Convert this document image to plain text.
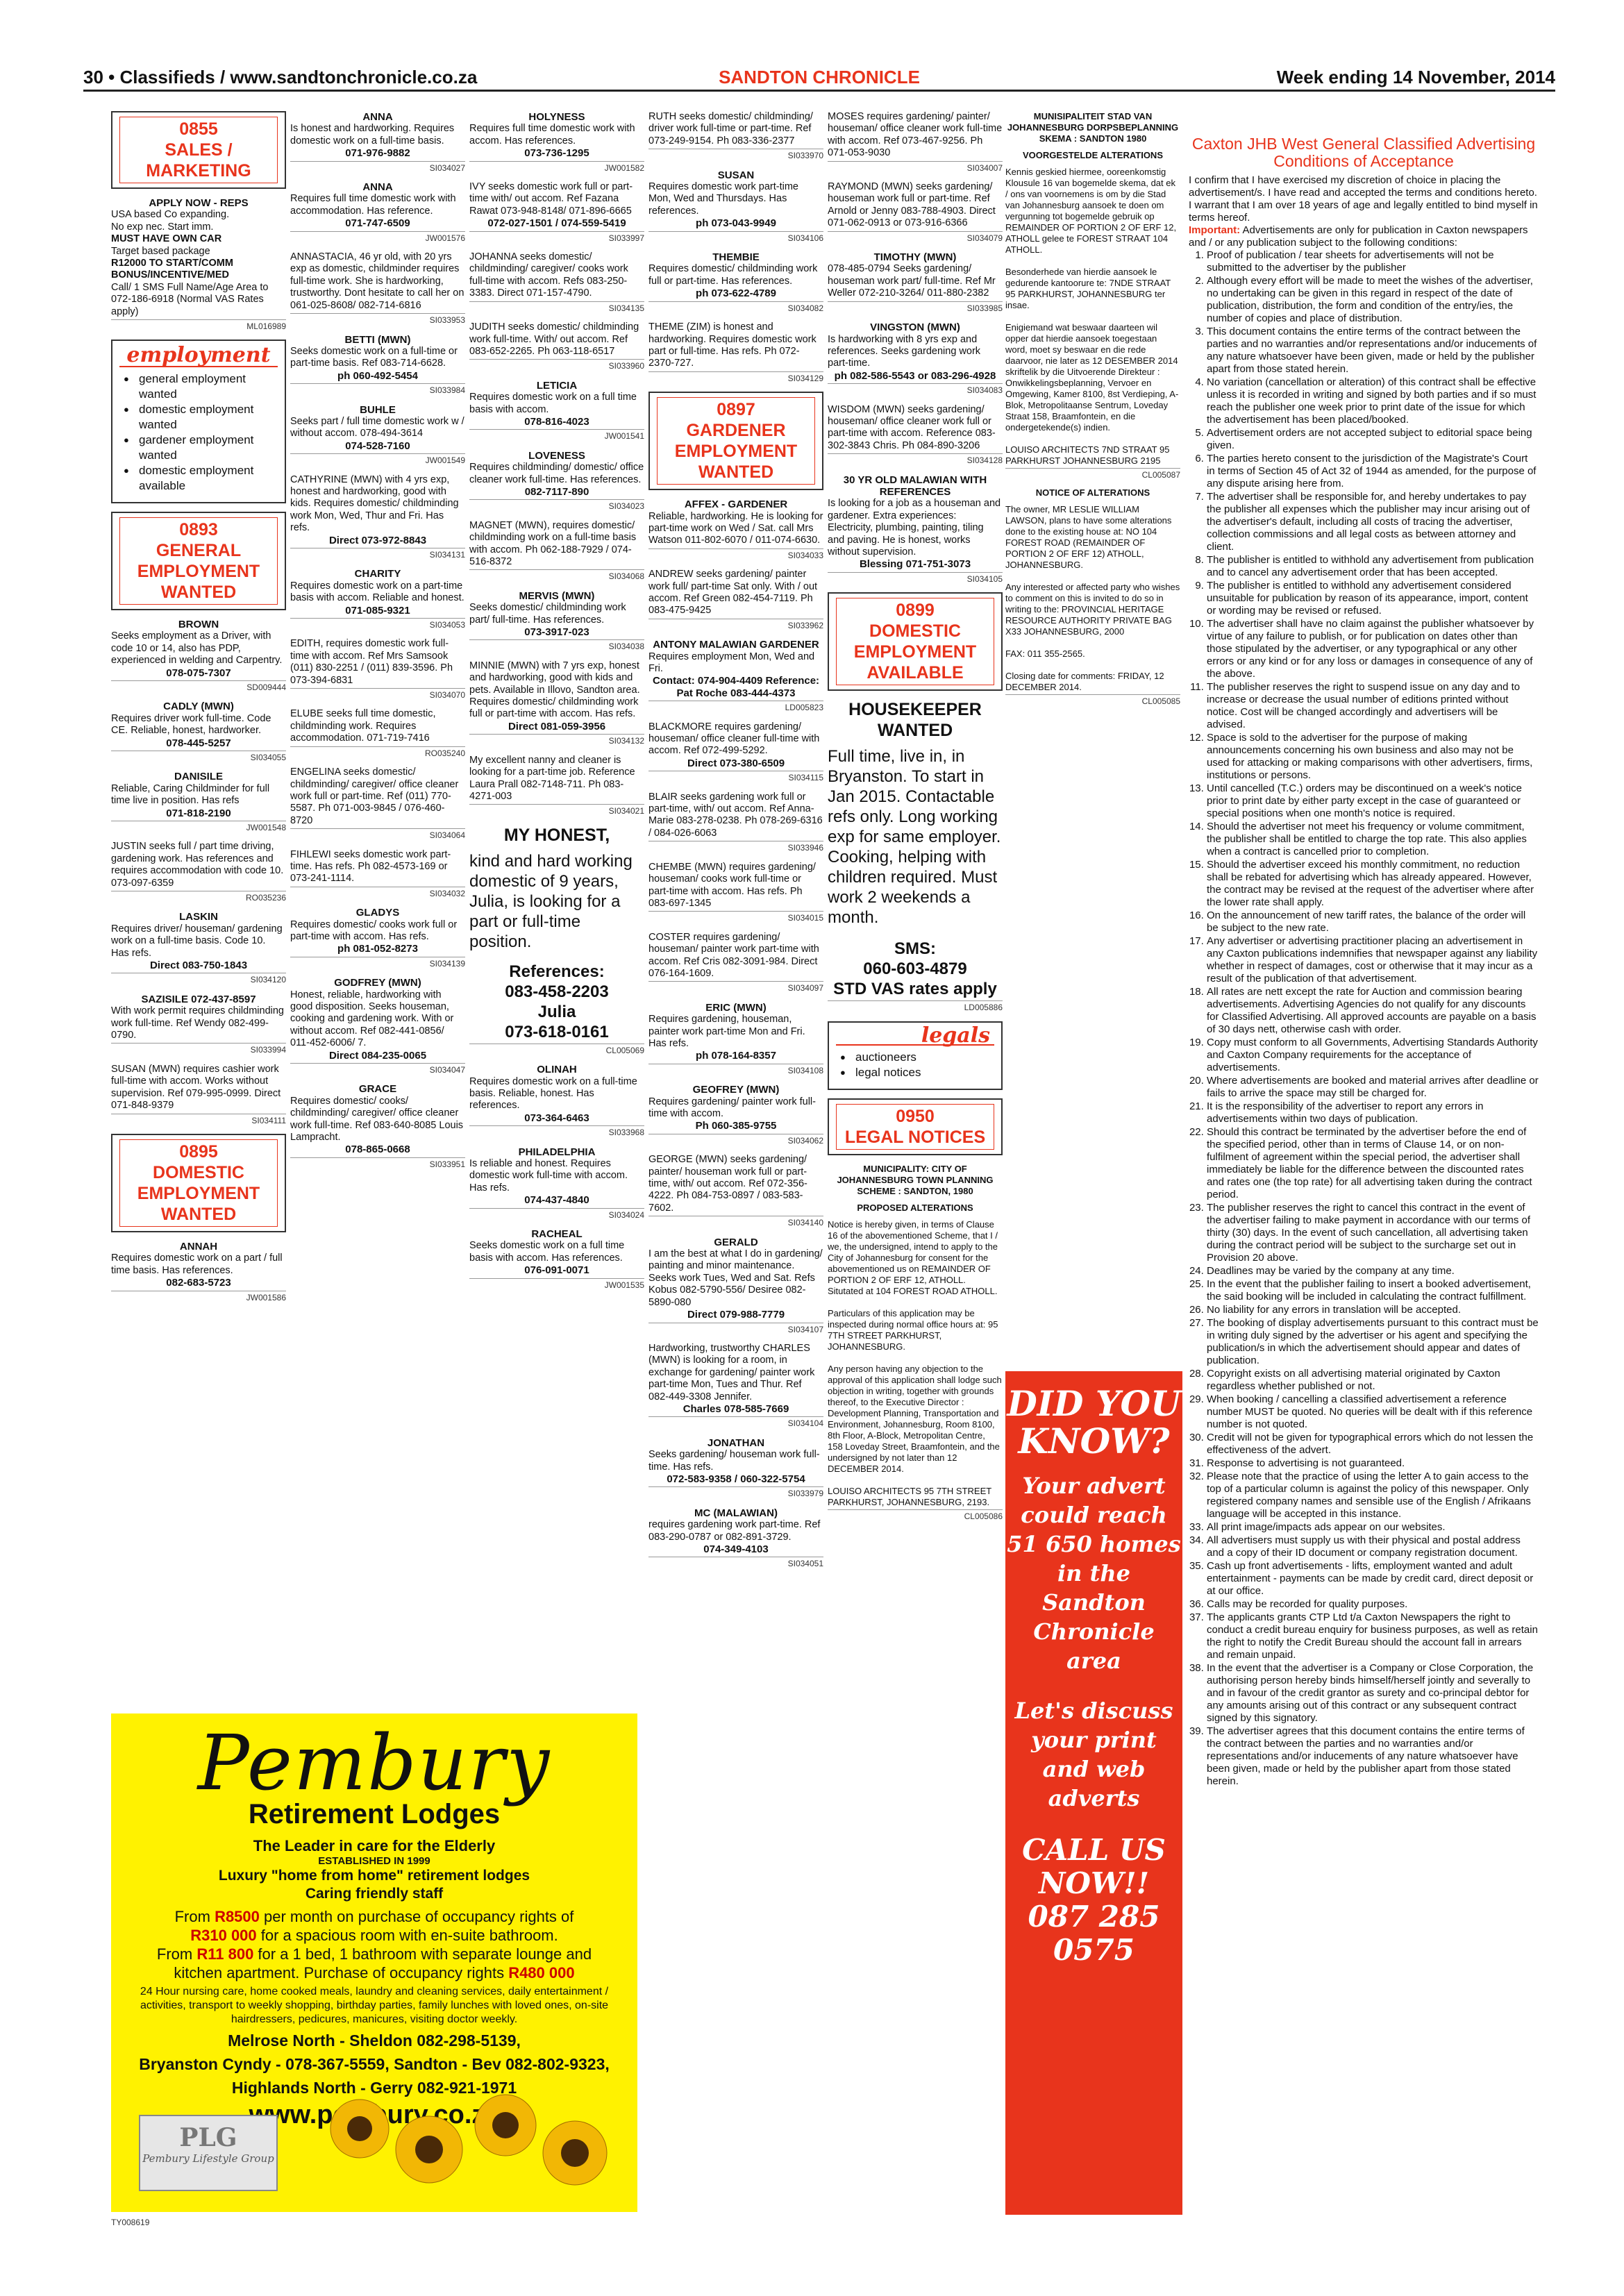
SANDTON CHRONICLE
30 • Classifieds / www.sandtonchronicle.co.za	Week ending 14 November, 2014
0855
SALES / MARKETING
APPLY NOW - REPS
USA based Co expanding.
No exp nec. Start imm.
MUST HAVE OWN CAR
Target based package
R12000 TO START/COMM BONUS/INCENTIVE/MED
Call/ 1 SMS Full Name/Age Area to 072-186-6918 (Normal VAS Rates apply)
ML016989
employment
● general employment wanted
● domestic employment wanted
● gardener employment wanted
● domestic employment available
0893
GENERAL EMPLOYMENT WANTED
BROWN
Seeks employment as a Driver, with code 10 or 14, also has PDP, experienced in welding and Carpentry.
078-075-7307
SD009444
CADLY (MWN)
Requires driver work full-time. Code CE. Reliable, honest, hardworker.
078-445-5257
SI034055
DANISILE
Reliable, Caring Childminder for full time live in position. Has refs
071-818-2190
JW001548
JUSTIN seeks full / part time driving, gardening work. Has references and requires accommodation with code 10. 073-097-6359
RO035236
LASKIN
Requires driver/ houseman/ gardening work on a full-time basis. Code 10. Has refs.
Direct 083-750-1843
SI034120
SAZISILE 072-437-8597
With work permit requires childminding work full-time. Ref Wendy 082-499-0790.
SI033994
SUSAN (MWN) requires cashier work full-time with accom. Works without supervision. Ref 079-995-0999. Direct 071-848-9379
SI034111
0895
DOMESTIC EMPLOYMENT WANTED
ANNAH
Requires domestic work on a part / full time basis. Has references.
082-683-5723
JW001586
ANNA
Is honest and hardworking. Requires domestic work on a full-time basis.
071-976-9882
SI034027
ANNA
Requires full time domestic work with accommodation. Has reference.
071-747-6509
JW001576
ANNASTACIA, 46 yr old, with 20 yrs exp as domestic, childminder requires full-time work. She is hardworking, trustworthy. Dont hesitate to call her on 061-025-8608/ 082-714-6816
SI033953
BETTI (MWN)
Seeks domestic work on a full-time or part-time basis. Ref 083-714-6628.
ph 060-492-5454
SI033984
BUHLE
Seeks part / full time domestic work w / without accom. 078-494-3614
074-528-7160
JW001549
CATHYRINE (MWN) with 4 yrs exp, honest and hardworking, good with kids. Requires domestic/ childminding work Mon, Wed, Thur and Fri. Has refs.
Direct 073-972-8843
SI034131
CHARITY
Requires domestic work on a part-time basis with accom. Reliable and honest.
071-085-9321
SI034053
EDITH, requires domestic work full-time with accom. Ref Mrs Samsook (011) 830-2251 / (011) 839-3596. Ph 073-394-6831
SI034070
ELUBE seeks full time domestic, childminding work. Requires accommodation. 071-719-7416
RO035240
ENGELINA seeks domestic/ childminding/ caregiver/ office cleaner work full or part-time. Ref (011) 770-5587. Ph 071-003-9845 / 076-460-8720
SI034064
FIHLEWI seeks domestic work part-time. Has refs. Ph 082-4573-169 or 073-241-1114.
SI034032
GLADYS
Requires domestic/ cooks work full or part-time with accom. Has refs.
ph 081-052-8273
SI034139
GODFREY (MWN)
Honest, reliable, hardworking with good disposition. Seeks houseman, cooking and gardening work. With or without accom. Ref 082-441-0856/ 011-452-6006/ 7.
Direct 084-235-0065
SI034047
GRACE
Requires domestic/ cooks/ childminding/ caregiver/ office cleaner work full-time. Ref 083-640-8085 Louis Lampracht.
078-865-0668
SI033951
HOLYNESS
Requires full time domestic work with accom. Has references.
073-736-1295
JW001582
IVY seeks domestic work full or part-time with/ out accom. Ref Fazana Rawat 073-948-8148/ 071-896-6665
072-027-1501 / 074-559-5419
SI033997
JOHANNA seeks domestic/ childminding/ caregiver/ cooks work full-time with accom. Refs 083-250-3383. Direct 071-157-4790.
SI034135
JUDITH seeks domestic/ childminding work full-time. With/ out accom. Ref 083-652-2265. Ph 063-118-6517
SI033960
LETICIA
Requires domestic work on a full time basis with accom.
078-816-4023
JW001541
LOVENESS
Requires childminding/ domestic/ office cleaner work full-time. Has references.
082-7117-890
SI034023
MAGNET (MWN), requires domestic/ childminding work on a full-time basis with accom. Ph 062-188-7929 / 074-516-8372
SI034068
MERVIS (MWN)
Seeks domestic/ childminding work part/ full-time. Has references.
073-3917-023
SI034038
MINNIE (MWN) with 7 yrs exp, honest and hardworking, good with kids and pets. Available in Illovo, Sandton area. Requires domestic/ childminding work full or part-time with accom. Has refs.
Direct 081-059-3956
SI034132
My excellent nanny and cleaner is looking for a part-time job. Reference Laura Prall 082-7148-711. Ph 083-4271-003
SI034021
MY HONEST,
kind and hard working domestic of 9 years, Julia, is looking for a part or full-time position.
References:
083-458-2203
Julia
073-618-0161
CL005069
OLINAH
Requires domestic work on a full-time basis. Reliable, honest. Has references.
073-364-6463
SI033968
PHILADELPHIA
Is reliable and honest. Requires domestic work full-time with accom. Has refs.
074-437-4840
SI034024
RACHEAL
Seeks domestic work on a full time basis with accom. Has references.
076-091-0071
JW001535
RUTH seeks domestic/ childminding/ driver work full-time or part-time. Ref 073-249-9154. Ph 083-336-2377
SI033970
SUSAN
Requires domestic work part-time Mon, Wed and Thursdays. Has references.
ph 073-043-9949
SI034106
THEMBIE
Requires domestic/ childminding work full or part-time. Has references.
ph 073-622-4789
SI034082
THEME (ZIM) is honest and hardworking. Requires domestic work part or full-time. Has refs. Ph 072-2370-727.
SI034129
0897
GARDENER EMPLOYMENT WANTED
AFFEX - GARDENER
Reliable, hardworking. He is looking for part-time work on Wed / Sat. call Mrs Watson 011-802-6070 / 011-074-6630.
SI034033
ANDREW seeks gardening/ painter work full/ part-time Sat only. With / out accom. Ref Green 082-454-7119. Ph 083-475-9425
SI033962
ANTONY MALAWIAN GARDENER
Requires employment Mon, Wed and Fri.
Contact: 074-904-4409 Reference: Pat Roche 083-444-4373
LD005823
BLACKMORE requires gardening/ houseman/ office cleaner full-time with accom. Ref 072-499-5292.
Direct 073-380-6509
SI034115
BLAIR seeks gardening work full or part-time, with/ out accom. Ref Anna-Marie 083-278-0238. Ph 078-269-6316 / 084-026-6063
SI033946
CHEMBE (MWN) requires gardening/ houseman/ cooks work full-time or part-time with accom. Has refs. Ph 083-697-1345
SI034015
COSTER requires gardening/ houseman/ painter work part-time with accom. Ref Cris 082-3091-984. Direct 076-164-1609.
SI034097
ERIC (MWN)
Requires gardening, houseman, painter work part-time Mon and Fri. Has refs.
ph 078-164-8357
SI034108
GEOFREY (MWN)
Requires gardening/ painter work full-time with accom.
Ph 060-385-9755
SI034062
GEORGE (MWN) seeks gardening/ painter/ houseman work full or part-time, with/ out accom. Ref 072-356-4222. Ph 084-753-0897 / 083-583-7602.
SI034140
GERALD
I am the best at what I do in gardening/ painting and minor maintenance. Seeks work Tues, Wed and Sat. Refs Kobus 082-5790-556/ Desiree 082-5890-080
Direct 079-988-7779
SI034107
Hardworking, trustworthy CHARLES (MWN) is looking for a room, in exchange for gardening/ painter work part-time Mon, Tues and Thur. Ref 082-449-3308 Jennifer.
Charles 078-585-7669
SI034104
JONATHAN
Seeks gardening/ houseman work full-time. Has refs.
072-583-9358 / 060-322-5754
SI033979
MC (MALAWIAN)
requires gardening work part-time. Ref 083-290-0787 or 082-891-3729.
074-349-4103
SI034051
MOSES requires gardening/ painter/ houseman/ office cleaner work full-time with accom. Ref 073-467-9256. Ph 071-053-9030
SI034007
RAYMOND (MWN) seeks gardening/ houseman work full or part-time. Ref Arnold or Jenny 083-788-4903. Direct 071-062-0913 or 073-916-6366
SI034079
TIMOTHY (MWN)
078-485-0794 Seeks gardening/ houseman work part/ full-time. Ref Mr Weller 072-210-3264/ 011-880-2382
SI033985
VINGSTON (MWN)
Is hardworking with 8 yrs exp and references. Seeks gardening work part-time.
ph 082-586-5543 or 083-296-4928
SI034083
WISDOM (MWN) seeks gardening/ houseman/ office cleaner work full or part-time with accom. Reference 083-302-3843 Chris. Ph 084-890-3206
SI034128
30 YR OLD MALAWIAN WITH REFERENCES
Is looking for a job as a houseman and gardener. Extra experiences: Electricity, plumbing, painting, tiling and paving. He is honest, works without supervision.
Blessing 071-751-3073
SI034105
0899
DOMESTIC EMPLOYMENT AVAILABLE
HOUSEKEEPER WANTED
Full time, live in, in Bryanston. To start in Jan 2015. Contactable refs only. Long working exp for same employer. Cooking, helping with children required. Must work 2 weekends a month.
SMS:
060-603-4879
STD VAS rates apply
LD005886
legals
● auctioneers
● legal notices
0950
LEGAL NOTICES
MUNICIPALITY: CITY OF JOHANNESBURG TOWN PLANNING SCHEME : SANDTON, 1980
PROPOSED ALTERATIONS
Notice is hereby given, in terms of Clause 16 of the abovementioned Scheme, that I / we, the undersigned, intend to apply to the City of Johannesburg for consent for the abovementioned us on REMAINDER OF PORTION 2 OF ERF 12, ATHOLL. Situtated at 104 FOREST ROAD ATHOLL.

Particulars of this application may be inspected during normal office hours at: 95 7TH STREET PARKHURST, JOHANNESBURG.

Any person having any objection to the approval of this application shall lodge such objection in writing, together with grounds thereof, to the Executive Director : Development Planning, Transportation and Environment, Johannesburg, Room 8100, 8th Floor, A-Block, Metropolitan Centre, 158 Loveday Street, Braamfontein, and the undersigned by not later than 12 DECEMBER 2014.

LOUISO ARCHITECTS 95 7TH STREET PARKHURST, JOHANNESBURG, 2193.
CL005086
MUNISIPALITEIT STAD VAN JOHANNESBURG DORPSBEPLANNING SKEMA : SANDTON 1980
VOORGESTELDE ALTERATIONS
Kennis geskied hiermee, ooreenkomstig Klousule 16 van bogemelde skema, dat ek / ons van voornemens is om by die Stad van Johannesburg aansoek te doen om vergunning tot bogemelde gebruik op REMAINDER OF PORTION 2 OF ERF 12, ATHOLL gelee te FOREST STRAAT 104 ATHOLL.

Besonderhede van hierdie aansoek le gedurende kantoorure te: 7NDE STRAAT 95 PARKHURST, JOHANNESBURG ter insae.

Enigiemand wat beswaar daarteen wil opper dat hierdie aansoek toegestaan word, moet sy beswaar en die rede daarvoor, nie later as 12 DESEMBER 2014 skriftelik by die Uitvoerende Direkteur : Onwikkelingsbeplanning, Vervoer en Omgewing, Kamer 8100, 8st Verdieping, A-Blok, Metropolitaanse Sentrum, Loveday Straat 158, Braamfontein, en die ondergetekende(s) indien.

LOUISO ARCHITECTS 7ND STRAAT 95 PARKHURST JOHANNESBURG 2195
CL005087
NOTICE OF ALTERATIONS
The owner, MR LESLIE WILLIAM LAWSON, plans to have some alterations done to the existing house at: NO 104 FOREST ROAD (REMAINDER OF PORTION 2 OF ERF 12) ATHOLL, JOHANNESBURG.

Any interested or affected party who wishes to comment on this is invited to do so in writing to the: PROVINCIAL HERITAGE RESOURCE AUTHORITY PRIVATE BAG X33 JOHANNESBURG, 2000

FAX: 011 355-2565.

Closing date for comments: FRIDAY, 12 DECEMBER 2014.
CL005085
DID YOU KNOW?
Your advert could reach 51 650 homes in the Sandton Chronicle area
Let's discuss your print and web adverts
CALL US NOW!! 087 285 0575
Caxton JHB West General Classified Advertising Conditions of Acceptance
I confirm that I have exercised my discretion of choice in placing the advertisement/s. I have read and accepted the terms and conditions hereto. I warrant that I am over 18 years of age and legally entitled to bind myself in terms hereof.
Important: Advertisements are only for publication in Caxton newspapers and / or any publication subject to the following conditions:
1. Proof of publication / tear sheets for advertisements will not be submitted to the advertiser by the publisher
2. Although every effort will be made to meet the wishes of the advertiser, no undertaking can be given in this regard in respect of the date of publication, distribution, the form and condition of the entry/ies, the number of copies and place of distribution.
3. This document contains the entire terms of the contract between the parties and no warranties and/or representations and/or inducements of any nature whatsoever have been given, made or held by the publisher apart from those stated herein.
4. No variation (cancellation or alteration) of this contract shall be effective unless it is recorded in writing and signed by both parties and if so must reach the publisher one week prior to print date of the issue for which the advertisement has been placed/booked.
5. Advertisement orders are not accepted subject to editorial space being given.
6. The parties hereto consent to the jurisdiction of the Magistrate's Court in terms of Section 45 of Act 32 of 1944 as amended, for the purpose of any dispute arising here from.
7. The advertiser shall be responsible for, and hereby undertakes to pay the publisher all expenses which the publisher may incur arising out of the advertiser's default, including all costs of tracing the advertiser, collection commissions and all legal costs as between attorney and client.
8. The publisher is entitled to withhold any advertisement from publication and to cancel any advertisement order that has been accepted.
9. The publisher is entitled to withhold any advertisement considered unsuitable for publication by reason of its appearance, import, content or wording may be revised or refused.
10. The advertiser shall have no claim against the publisher whatsoever by virtue of any failure to publish, or for publication on dates other than those stipulated by the advertiser, or any typographical or any other errors or any kind or for any loss or damages in consequence of any of the above.
11. The publisher reserves the right to suspend issue on any day and to increase or decrease the usual number of editions printed without notice. Cost will be changed accordingly and advertisers will be advised.
12. Space is sold to the advertiser for the purpose of making announcements concerning his own business and also may not be used for attacking or making comparisons with other advertisers, firms, institutions or persons.
13. Until cancelled (T.C.) orders may be discontinued on a week's notice prior to print date by either party except in the case of guaranteed or special positions when one month's notice is required.
14. Should the advertiser not meet his frequency or volume commitment, the publisher shall be entitled to charge the top rate. This also applies when a contract is cancelled prior to completion.
15. Should the advertiser exceed his monthly commitment, no reduction shall be rebated for advertising which has already appeared. However, the contract may be revised at the request of the advertiser where after the lower rate shall apply.
16. On the announcement of new tariff rates, the balance of the order will be subject to the new rate.
17. Any advertiser or advertising practitioner placing an advertisement in any Caxton publications indemnifies that newspaper against any liability whether in respect of damages, cost or otherwise that it may incur as a result of the publication of that advertisement.
18. All rates are nett except the rate for Auction and commission bearing advertisements. Advertising Agencies do not qualify for any discounts for Classified Advertising. All approved accounts are payable on a basis of 30 days nett, otherwise cash with order.
19. Copy must conform to all Governments, Advertising Standards Authority and Caxton Company requirements for the acceptance of advertisements.
20. Where advertisements are booked and material arrives after deadline or fails to arrive the space may still be charged for.
21. It is the responsibility of the advertiser to report any errors in advertisements within two days of publication.
22. Should this contract be terminated by the advertiser before the end of the specified period, other than in terms of Clause 14, or on non-fulfilment of agreement within the special period, the advertiser shall immediately be liable for the difference between the discounted rates and rates one (the top rate) for all advertising taken during the contract period.
23. The publisher reserves the right to cancel this contract in the event of the advertiser failing to make payment in accordance with our terms of thirty (30) days. In the event of such cancellation, all advertising taken during the contract period will be subject to the surcharge set out in Provision 20 above.
24. Deadlines may be varied by the company at any time.
25. In the event that the publisher failing to insert a booked advertisement, the said booking will be included in calculating the contract fulfillment.
26. No liability for any errors in translation will be accepted.
27. The booking of display advertisements pursuant to this contract must be in writing duly signed by the advertiser or his agent and specifying the publication/s in which the advertisement should appear and dates of publication.
28. Copyright exists on all advertising material originated by Caxton regardless whether published or not.
29. When booking / cancelling a classified advertisement a reference number MUST be quoted. No queries will be dealt with if this reference number is not quoted.
30. Credit will not be given for typographical errors which do not lessen the effectiveness of the advert.
31. Response to advertising is not guaranteed.
32. Please note that the practice of using the letter A to gain access to the top of a particular column is against the policy of this newspaper. Only registered company names and sensible use of the English / Afrikaans language will be accepted in this instance.
33. All print image/impacts ads appear on our websites.
34. All advertisers must supply us with their physical and postal address and a copy of their ID document or company registration document.
35. Cash up front advertisements - lifts, employment wanted and adult entertainment - payments can be made by credit card, direct deposit or at our office.
36. Calls may be recorded for quality purposes.
37. The applicants grants CTP Ltd t/a Caxton Newspapers the right to conduct a credit bureau enquiry for business purposes, as well as retain the right to notify the Credit Bureau should the account fall in arrears and remain unpaid.
38. In the event that the advertiser is a Company or Close Corporation, the authorising person hereby binds himself/herself jointly and severally to and in favour of the credit grantor as surety and co-principal debtor for any amounts arising out of this contract or any subsequent contract signed by this signatory.
39. The advertiser agrees that this document contains the entire terms of the contract between the parties and no warranties and/or representations and/or inducements of any nature whatsoever have been given, made or held by the publisher apart from those stated herein.
Pembury
Retirement Lodges
The Leader in care for the Elderly
ESTABLISHED IN 1999
Luxury "home from home" retirement lodges
Caring friendly staff
From R8500 per month on purchase of occupancy rights of
R310 000 for a spacious room with en-suite bathroom.
From R11 800 for a 1 bed, 1 bathroom with separate lounge and
kitchen apartment. Purchase of occupancy rights R480 000
24 Hour nursing care, home cooked meals, laundry and cleaning services, daily entertainment / activities, transport to weekly shopping, birthday parties, family lunches with loved ones, on-site hairdressers, pedicures, manicures, visiting doctor weekly.
Melrose North - Sheldon 082-298-5139,
Bryanston Cyndy - 078-367-5559, Sandton - Bev 082-802-9323,
Highlands North - Gerry 082-921-1971
PLG
Pembury Lifestyle Group
TY008619
